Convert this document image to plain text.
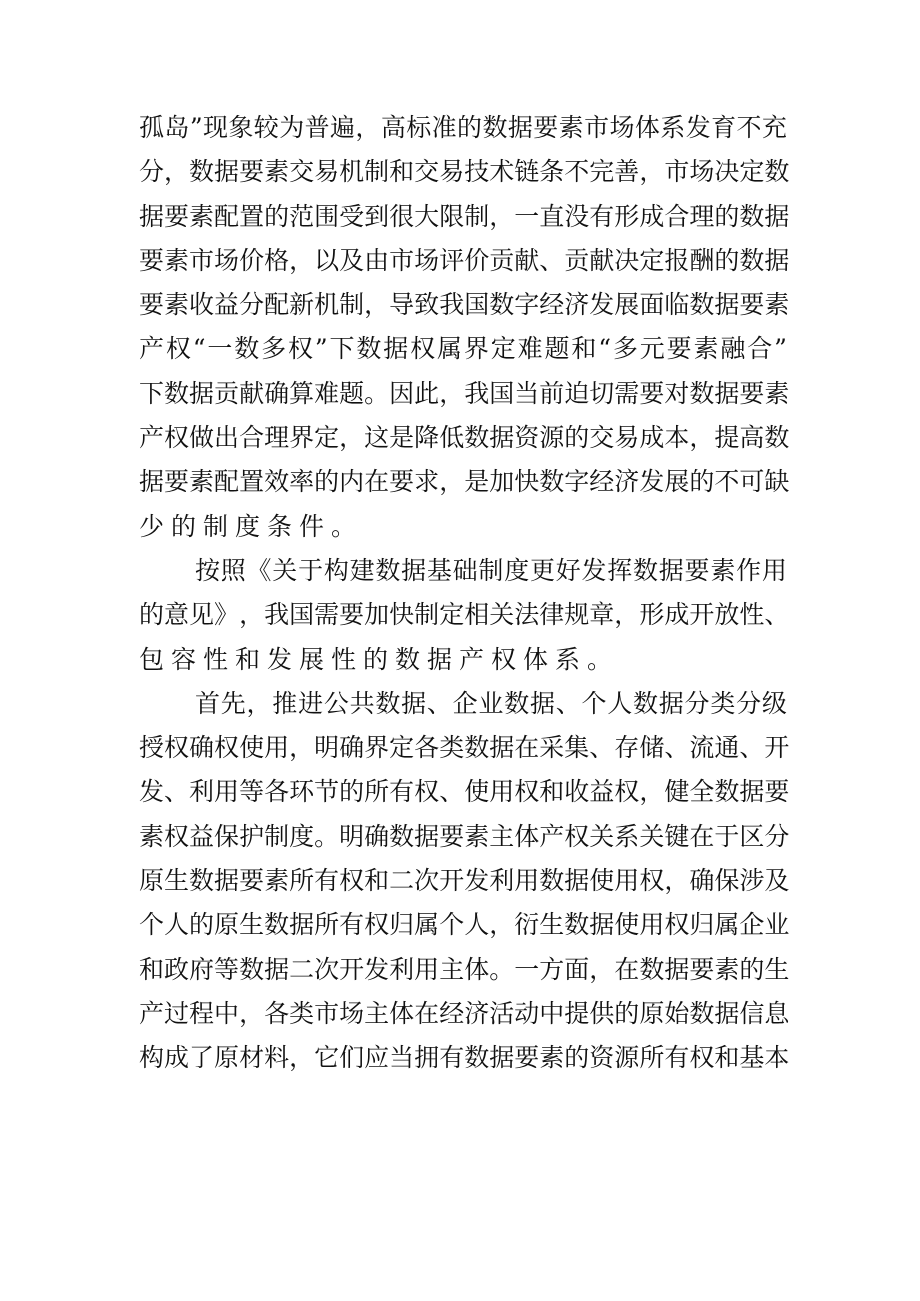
孤 岛 ” 现 象 较 为 普 遍 ， 高 标 准 的 数 据 要 素 市 场 体 系 发 育 不 充
分 ， 数 据 要 素 交 易 机 制 和 交 易 技 术 链 条 不 完 善 ， 市 场 决 定 数
据 要 素 配 置 的 范 围 受 到 很 大 限 制 ， 一 直 没 有 形 成 合 理 的 数 据
要 素 市 场 价 格 ， 以 及 由 市 场 评 价 贡 献 、 贡 献 决 定 报 酬 的 数 据
要 素 收 益 分 配 新 机 制 ， 导 致 我 国 数 字 经 济 发 展 面 临 数 据 要 素
产 权 “ 一 数 多 权 ” 下 数 据 权 属 界 定 难 题 和 “ 多 元 要 素 融 合 ”
下 数 据 贡 献 确 算 难 题 。 因 此 ， 我 国 当 前 迫 切 需 要 对 数 据 要 素
产 权 做 出 合 理 界 定 ， 这 是 降 低 数 据 资 源 的 交 易 成 本 ， 提 高 数
据 要 素 配 置 效 率 的 内 在 要 求 ， 是 加 快 数 字 经 济 发 展 的 不 可 缺
少的制度条件。
按 照 《 关 于 构 建 数 据 基 础 制 度 更 好 发 挥 数 据 要 素 作 用
的 意 见 》 ， 我 国 需 要 加 快 制 定 相 关 法 律 规 章 ， 形 成 开 放 性 、
包容性和发展性的数据产权体系。
首 先 ， 推 进 公 共 数 据 、 企 业 数 据 、 个 人 数 据 分 类 分 级
授 权 确 权 使 用 ， 明 确 界 定 各 类 数 据 在 采 集 、 存 储 、 流 通 、 开
发 、 利 用 等 各 环 节 的 所 有 权 、 使 用 权 和 收 益 权 ， 健 全 数 据 要
素 权 益 保 护 制 度 。 明 确 数 据 要 素 主 体 产 权 关 系 关 键 在 于 区 分
原 生 数 据 要 素 所 有 权 和 二 次 开 发 利 用 数 据 使 用 权 ， 确 保 涉 及
个 人 的 原 生 数 据 所 有 权 归 属 个 人 ， 衍 生 数 据 使 用 权 归 属 企 业
和 政 府 等 数 据 二 次 开 发 利 用 主 体 。 一 方 面 ， 在 数 据 要 素 的 生
产 过 程 中 ， 各 类 市 场 主 体 在 经 济 活 动 中 提 供 的 原 始 数 据 信 息
构 成 了 原 材 料 ， 它 们 应 当 拥 有 数 据 要 素 的 资 源 所 有 权 和 基 本
